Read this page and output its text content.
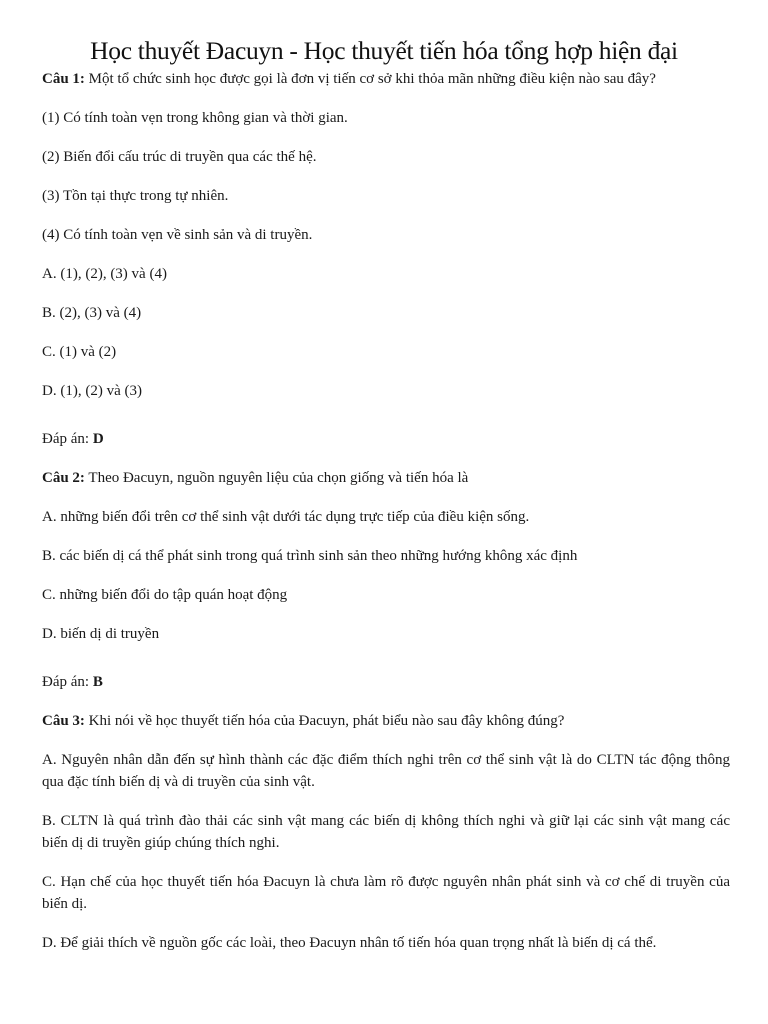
Học thuyết Đacuyn - Học thuyết tiến hóa tổng hợp hiện đại

Câu 1: Một tổ chức sinh học được gọi là đơn vị tiến cơ sở khi thỏa mãn những điều kiện nào sau đây?

(1) Có tính toàn vẹn trong không gian và thời gian.

(2) Biến đổi cấu trúc di truyền qua các thế hệ.

(3) Tồn tại thực trong tự nhiên.

(4) Có tính toàn vẹn về sinh sản và di truyền.

A. (1), (2), (3) và (4)

B. (2), (3) và (4)

C. (1) và (2)

D. (1), (2) và (3)

Đáp án: D

Câu 2: Theo Đacuyn, nguồn nguyên liệu của chọn giống và tiến hóa là

A. những biến đổi trên cơ thể sinh vật dưới tác dụng trực tiếp của điều kiện sống.

B. các biến dị cá thể phát sinh trong quá trình sinh sản theo những hướng không xác định

C. những biến đổi do tập quán hoạt động

D. biến dị di truyền

Đáp án: B

Câu 3: Khi nói về học thuyết tiến hóa của Đacuyn, phát biểu nào sau đây không đúng?

A. Nguyên nhân dẫn đến sự hình thành các đặc điểm thích nghi trên cơ thể sinh vật là do CLTN tác động thông qua đặc tính biến dị và di truyền của sinh vật.

B. CLTN là quá trình đào thải các sinh vật mang các biến dị không thích nghi và giữ lại các sinh vật mang các biến dị di truyền giúp chúng thích nghi.

C. Hạn chế của học thuyết tiến hóa Đacuyn là chưa làm rõ được nguyên nhân phát sinh và cơ chế di truyền của biến dị.

D. Để giải thích về nguồn gốc các loài, theo Đacuyn nhân tố tiến hóa quan trọng nhất là biến dị cá thể.
